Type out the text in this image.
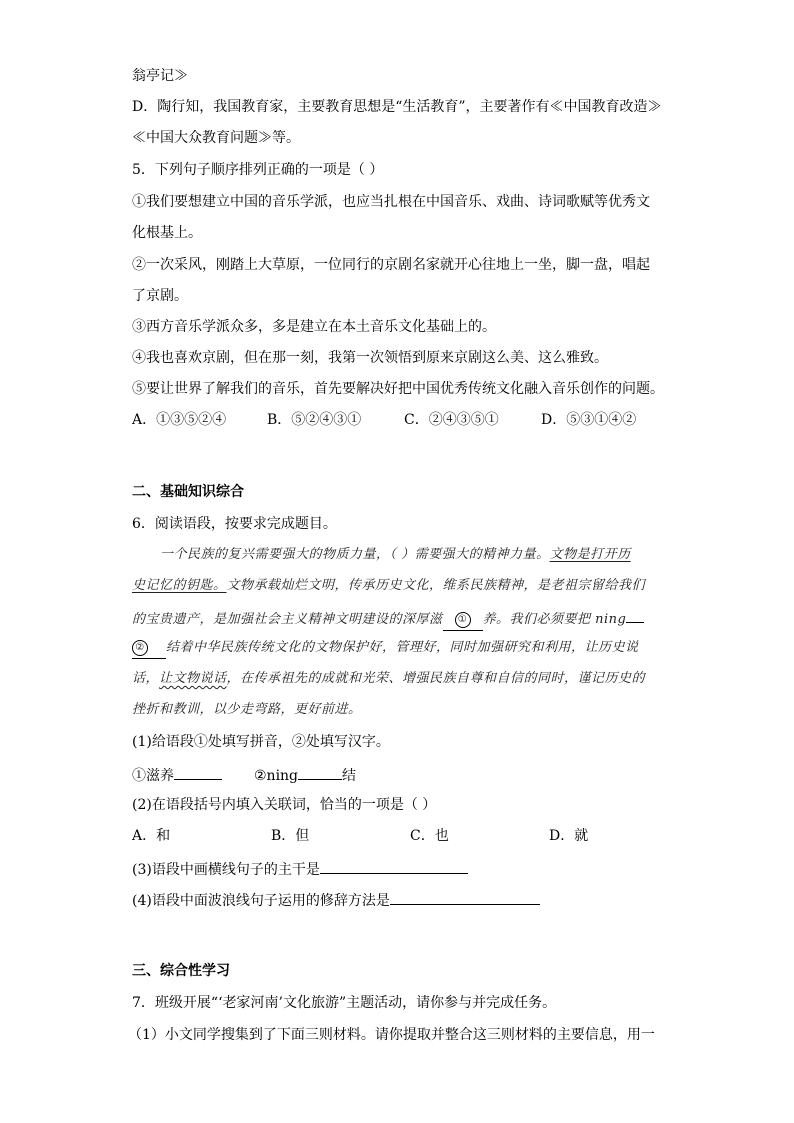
翁亭记≫
D．陶行知，我国教育家，主要教育思想是“生活教育”，主要著作有≪中国教育改造≫
≪中国大众教育问题≫等。
5．下列句子顺序排列正确的一项是（ ）
①我们要想建立中国的音乐学派，也应当扎根在中国音乐、戏曲、诗词歌赋等优秀文
化根基上。
②一次采风，刚踏上大草原，一位同行的京剧名家就开心往地上一坐，脚一盘，唱起
了京剧。
③西方音乐学派众多，多是建立在本土音乐文化基础上的。
④我也喜欢京剧，但在那一刻，我第一次领悟到原来京剧这么美、这么雅致。
⑤要让世界了解我们的音乐，首先要解决好把中国优秀传统文化融入音乐创作的问题。
A．①③⑤②④	B．⑤②④③①	C．②④③⑤①	D．⑤③①④②
二、基础知识综合
6．阅读语段，按要求完成题目。
一个民族的复兴需要强大的物质力量，（ ）需要强大的精神力量。文物是打开历
史记忆的钥匙。文物承载灿烂文明，传承历史文化，维系民族精神，是老祖宗留给我们
的宝贵遗产，是加强社会主义精神文明建设的深厚滋 ① 养。我们必须要把 ning
② 结着中华民族传统文化的文物保护好，管理好，同时加强研究和利用，让历史说
话，让文物说话，在传承祖先的成就和光荣、增强民族自尊和自信的同时，谨记历史的
挫折和教训，以少走弯路，更好前进。
(1)给语段①处填写拼音，②处填写汉字。
①滋养	②ning	结
(2)在语段括号内填入关联词，恰当的一项是（ ）
A．和	B．但	C．也	D．就
(3)语段中画横线句子的主干是
(4)语段中面波浪线句子运用的修辞方法是
三、综合性学习
7．班级开展“‘老家河南’文化旅游”主题活动，请你参与并完成任务。
（1）小文同学搜集到了下面三则材料。请你提取并整合这三则材料的主要信息，用一
